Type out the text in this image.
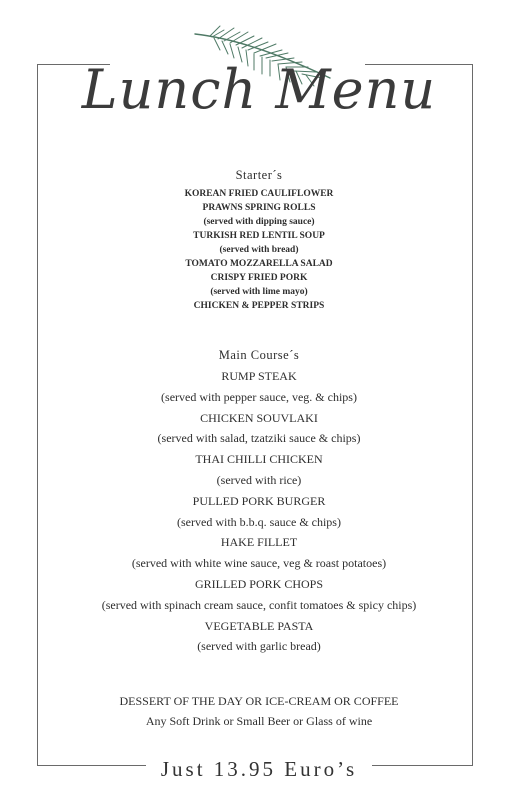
Lunch Menu
Starter´s
KOREAN FRIED CAULIFLOWER
PRAWNS SPRING ROLLS
(served with dipping sauce)
TURKISH RED LENTIL SOUP
(served with bread)
TOMATO MOZZARELLA SALAD
CRISPY FRIED PORK
(served with lime mayo)
CHICKEN & PEPPER STRIPS
Main Course´s
RUMP STEAK
(served with pepper sauce, veg. & chips)
CHICKEN SOUVLAKI
(served with salad, tzatziki sauce & chips)
THAI CHILLI CHICKEN
(served with rice)
PULLED PORK BURGER
(served with b.b.q. sauce & chips)
HAKE FILLET
(served with white wine sauce, veg & roast potatoes)
GRILLED PORK CHOPS
(served with spinach cream sauce, confit tomatoes & spicy chips)
VEGETABLE PASTA
(served with garlic bread)
DESSERT OF THE DAY OR ICE-CREAM OR COFFEE
Any Soft Drink or Small Beer or Glass of wine
Just 13.95 Euro’s
